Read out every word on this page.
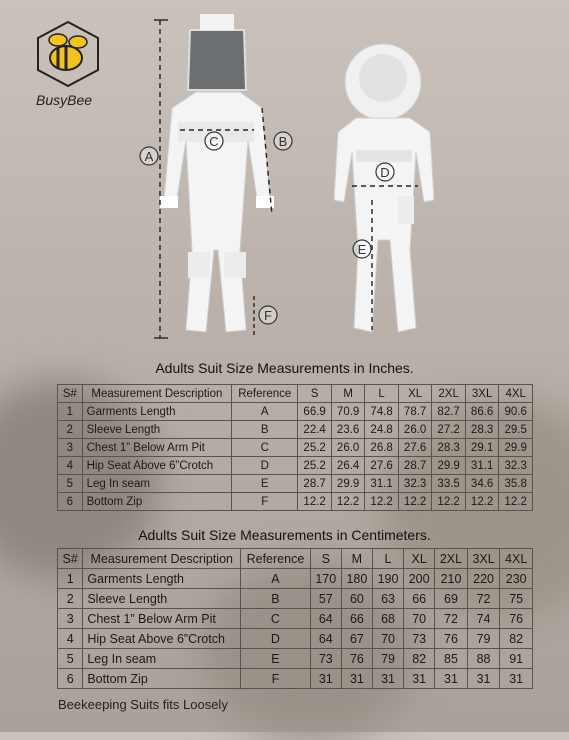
A
B
C
D
E
F
BusyBee
Adults Suit Size Measurements in Inches.
S#	Measurement Description	Reference	S	M	L	XL	2XL	3XL	4XL
1	Garments Length	A	66.9	70.9	74.8	78.7	82.7	86.6	90.6
2	Sleeve Length	B	22.4	23.6	24.8	26.0	27.2	28.3	29.5
3	Chest 1” Below Arm Pit	C	25.2	26.0	26.8	27.6	28.3	29.1	29.9
4	Hip Seat Above 6”Crotch	D	25.2	26.4	27.6	28.7	29.9	31.1	32.3
5	Leg In seam	E	28.7	29.9	31.1	32.3	33.5	34.6	35.8
6	Bottom Zip	F	12.2	12.2	12.2	12.2	12.2	12.2	12.2
Adults Suit Size Measurements in Centimeters.
S#	Measurement Description	Reference	S	M	L	XL	2XL	3XL	4XL
1	Garments Length	A	170	180	190	200	210	220	230
2	Sleeve Length	B	57	60	63	66	69	72	75
3	Chest 1” Below Arm Pit	C	64	66	68	70	72	74	76
4	Hip Seat Above 6”Crotch	D	64	67	70	73	76	79	82
5	Leg In seam	E	73	76	79	82	85	88	91
6	Bottom Zip	F	31	31	31	31	31	31	31
Beekeeping Suits fits Loosely
